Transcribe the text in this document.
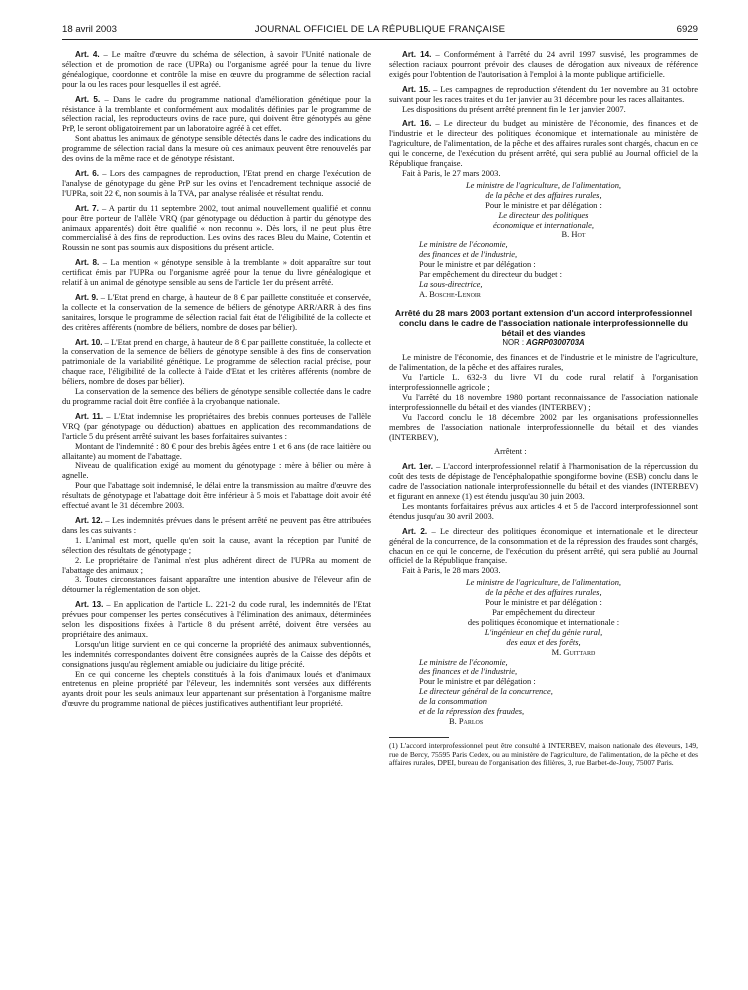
18 avril 2003	JOURNAL OFFICIEL DE LA RÉPUBLIQUE FRANÇAISE	6929

Art. 4. – Le maître d'œuvre du schéma de sélection, à savoir l'Unité nationale de sélection et de promotion de race (UPRa) ou l'organisme agréé pour la tenue du livre généalogique, coordonne et contrôle la mise en œuvre du programme de sélection racial pour la ou les races pour lesquelles il est agréé.

Art. 5. – Dans le cadre du programme national d'amélioration génétique pour la résistance à la tremblante et conformément aux modalités définies par le programme de sélection racial, les reproducteurs ovins de race pure, qui doivent être génotypés au gène PrP, le seront obligatoirement par un laboratoire agréé à cet effet.

Sont abattus les animaux de génotype sensible détectés dans le cadre des indications du programme de sélection racial dans la mesure où ces animaux peuvent être renouvelés par des ovins de la même race et de génotype résistant.

Art. 6. – Lors des campagnes de reproduction, l'Etat prend en charge l'exécution de l'analyse de génotypage du gène PrP sur les ovins et l'encadrement technique associé de l'UPRa, soit 22 €, non soumis à la TVA, par analyse réalisée et résultat rendu.

Art. 7. – A partir du 11 septembre 2002, tout animal nouvellement qualifié et connu pour être porteur de l'allèle VRQ (par génotypage ou déduction à partir du génotype des animaux apparentés) doit être qualifié « non reconnu ». Dès lors, il ne peut plus être commercialisé à des fins de reproduction. Les ovins des races Bleu du Maine, Cotentin et Roussin ne sont pas soumis aux dispositions du présent article.

Art. 8. – La mention « génotype sensible à la tremblante » doit apparaître sur tout certificat émis par l'UPRa ou l'organisme agréé pour la tenue du livre généalogique et relatif à un animal de génotype sensible au sens de l'article 1er du présent arrêté.

Art. 9. – L'Etat prend en charge, à hauteur de 8 € par paillette constituée et conservée, la collecte et la conservation de la semence de béliers de génotype ARR/ARR à des fins sanitaires, lorsque le programme de sélection racial fait état de l'éligibilité de la collecte et des critères afférents (nombre de béliers, nombre de doses par bélier).

Art. 10. – L'Etat prend en charge, à hauteur de 8 € par paillette constituée, la collecte et la conservation de la semence de béliers de génotype sensible à des fins de conservation patrimoniale de la variabilité génétique. Le programme de sélection racial précise, pour chaque race, l'éligibilité de la collecte à l'aide d'Etat et les critères afférents (nombre de béliers, nombre de doses par bélier).

La conservation de la semence des béliers de génotype sensible collectée dans le cadre du programme racial doit être confiée à la cryobanque nationale.

Art. 11. – L'Etat indemnise les propriétaires des brebis connues porteuses de l'allèle VRQ (par génotypage ou déduction) abattues en application des recommandations de l'article 5 du présent arrêté suivant les bases forfaitaires suivantes :

Montant de l'indemnité : 80 € pour des brebis âgées entre 1 et 6 ans (de race laitière ou allaitante) au moment de l'abattage.

Niveau de qualification exigé au moment du génotypage : mère à bélier ou mère à agnelle.

Pour que l'abattage soit indemnisé, le délai entre la transmission au maître d'œuvre des résultats de génotypage et l'abattage doit être inférieur à 5 mois et l'abattage doit avoir été effectué avant le 31 décembre 2003.

Art. 12. – Les indemnités prévues dans le présent arrêté ne peuvent pas être attribuées dans les cas suivants :

1. L'animal est mort, quelle qu'en soit la cause, avant la réception par l'unité de sélection des résultats de génotypage ;

2. Le propriétaire de l'animal n'est plus adhérent direct de l'UPRa au moment de l'abattage des animaux ;

3. Toutes circonstances faisant apparaître une intention abusive de l'éleveur afin de détourner la réglementation de son objet.

Art. 13. – En application de l'article L. 221-2 du code rural, les indemnités de l'Etat prévues pour compenser les pertes consécutives à l'élimination des animaux, déterminées selon les dispositions fixées à l'article 8 du présent arrêté, doivent être versées au propriétaire des animaux.

Lorsqu'un litige survient en ce qui concerne la propriété des animaux subventionnés, les indemnités correspondantes doivent être consignées auprès de la Caisse des dépôts et consignations jusqu'au règlement amiable ou judiciaire du litige précité.

En ce qui concerne les cheptels constitués à la fois d'animaux loués et d'animaux entretenus en pleine propriété par l'éleveur, les indemnités sont versées aux différents ayants droit pour les seuls animaux leur appartenant sur présentation à l'organisme maître d'œuvre du programme national de pièces justificatives authentifiant leur propriété.

Art. 14. – Conformément à l'arrêté du 24 avril 1997 susvisé, les programmes de sélection raciaux pourront prévoir des clauses de dérogation aux niveaux de référence exigés pour l'obtention de l'autorisation à l'emploi à la monte publique artificielle.

Art. 15. – Les campagnes de reproduction s'étendent du 1er novembre au 31 octobre suivant pour les races traites et du 1er janvier au 31 décembre pour les races allaitantes.

Les dispositions du présent arrêté prennent fin le 1er janvier 2007.

Art. 16. – Le directeur du budget au ministère de l'économie, des finances et de l'industrie et le directeur des politiques économique et internationale au ministère de l'agriculture, de l'alimentation, de la pêche et des affaires rurales sont chargés, chacun en ce qui le concerne, de l'exécution du présent arrêté, qui sera publié au Journal officiel de la République française.

Fait à Paris, le 27 mars 2003.

Le ministre de l'agriculture, de l'alimentation,

de la pêche et des affaires rurales,

Pour le ministre et par délégation :

Le directeur des politiques

économique et internationale,

B. Hot

Le ministre de l'économie,

des finances et de l'industrie,

Pour le ministre et par délégation :

Par empêchement du directeur du budget :

La sous-directrice,

A. Bosche-Lenoir

Arrêté du 28 mars 2003 portant extension d'un accord interprofessionnel conclu dans le cadre de l'association nationale interprofessionnelle du bétail et des viandes

NOR : AGRP0300703A

Le ministre de l'économie, des finances et de l'industrie et le ministre de l'agriculture, de l'alimentation, de la pêche et des affaires rurales,

Vu l'article L. 632-3 du livre VI du code rural relatif à l'organisation interprofessionnelle agricole ;

Vu l'arrêté du 18 novembre 1980 portant reconnaissance de l'association nationale interprofessionnelle du bétail et des viandes (INTERBEV) ;

Vu l'accord conclu le 18 décembre 2002 par les organisations professionnelles membres de l'association nationale interprofessionnelle du bétail et des viandes (INTERBEV),

Arrêtent :

Art. 1er. – L'accord interprofessionnel relatif à l'harmonisation de la répercussion du coût des tests de dépistage de l'encéphalopathie spongiforme bovine (ESB) conclu dans le cadre de l'association nationale interprofessionnelle du bétail et des viandes (INTERBEV) et figurant en annexe (1) est étendu jusqu'au 30 juin 2003.

Les montants forfaitaires prévus aux articles 4 et 5 de l'accord interprofessionnel sont étendus jusqu'au 30 avril 2003.

Art. 2. – Le directeur des politiques économique et internationale et le directeur général de la concurrence, de la consommation et de la répression des fraudes sont chargés, chacun en ce qui le concerne, de l'exécution du présent arrêté, qui sera publié au Journal officiel de la République française.

Fait à Paris, le 28 mars 2003.

Le ministre de l'agriculture, de l'alimentation,

de la pêche et des affaires rurales,

Pour le ministre et par délégation :

Par empêchement du directeur

des politiques économique et internationale :

L'ingénieur en chef du génie rural,

des eaux et des forêts,

M. Guittard

Le ministre de l'économie,

des finances et de l'industrie,

Pour le ministre et par délégation :

Le directeur général de la concurrence,

de la consommation

et de la répression des fraudes,

B. Parlos

(1) L'accord interprofessionnel peut être consulté à INTERBEV, maison nationale des éleveurs, 149, rue de Bercy, 75595 Paris Cedex, ou au ministère de l'agriculture, de l'alimentation, de la pêche et des affaires rurales, DPEI, bureau de l'organisation des filières, 3, rue Barbet-de-Jouy, 75007 Paris.
